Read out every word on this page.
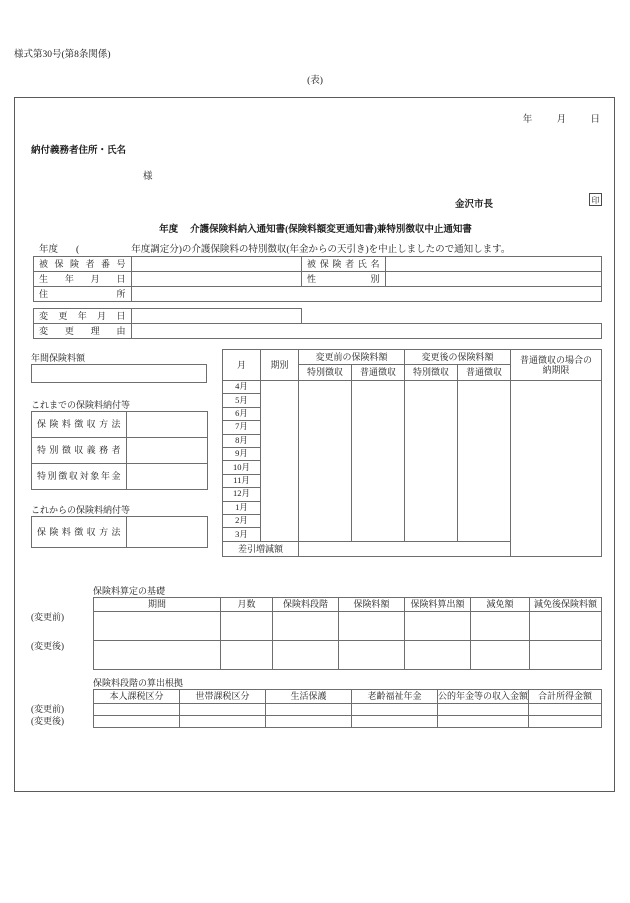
様式第30号(第8条関係)
(表)
年	月	日
納付義務者住所・氏名
様
金沢市長	印
年度 介護保険料納入通知書(保険料額変更通知書)兼特別徴収中止通知書
年度 (	年度調定分)の介護保険料の特別徴収(年金からの天引き)を中止しましたので通知します。
被保険者番号		被保険者氏名	

生年月日		性別	

住所			

変更年月日		

変更理由		

年間保険料額
これまでの保険料納付等
保険料徴収方法	

特別徴収義務者	

特別徴収対象年金	

これからの保険料納付等
保険料徴収方法

月	期別	変更前の保険料額		変更後の保険料額		普通徴収の場合の
納期限
		特別徴収	普通徴収	特別徴収	普通徴収	
4月						
5月						
6月						
7月						
8月						
9月						
10月						
11月						
12月						
1月						
2月						
3月						
差引増減額						
保険料算定の基礎
(変更前)
(変更後)
期間	月数	保険料段階	保険料額	保険料算出額	減免額	減免後保険料額

保険料段階の算出根拠
(変更前)
(変更後)
本人課税区分	世帯課税区分	生活保護	老齢福祉年金	公的年金等の収入金額	合計所得金額
